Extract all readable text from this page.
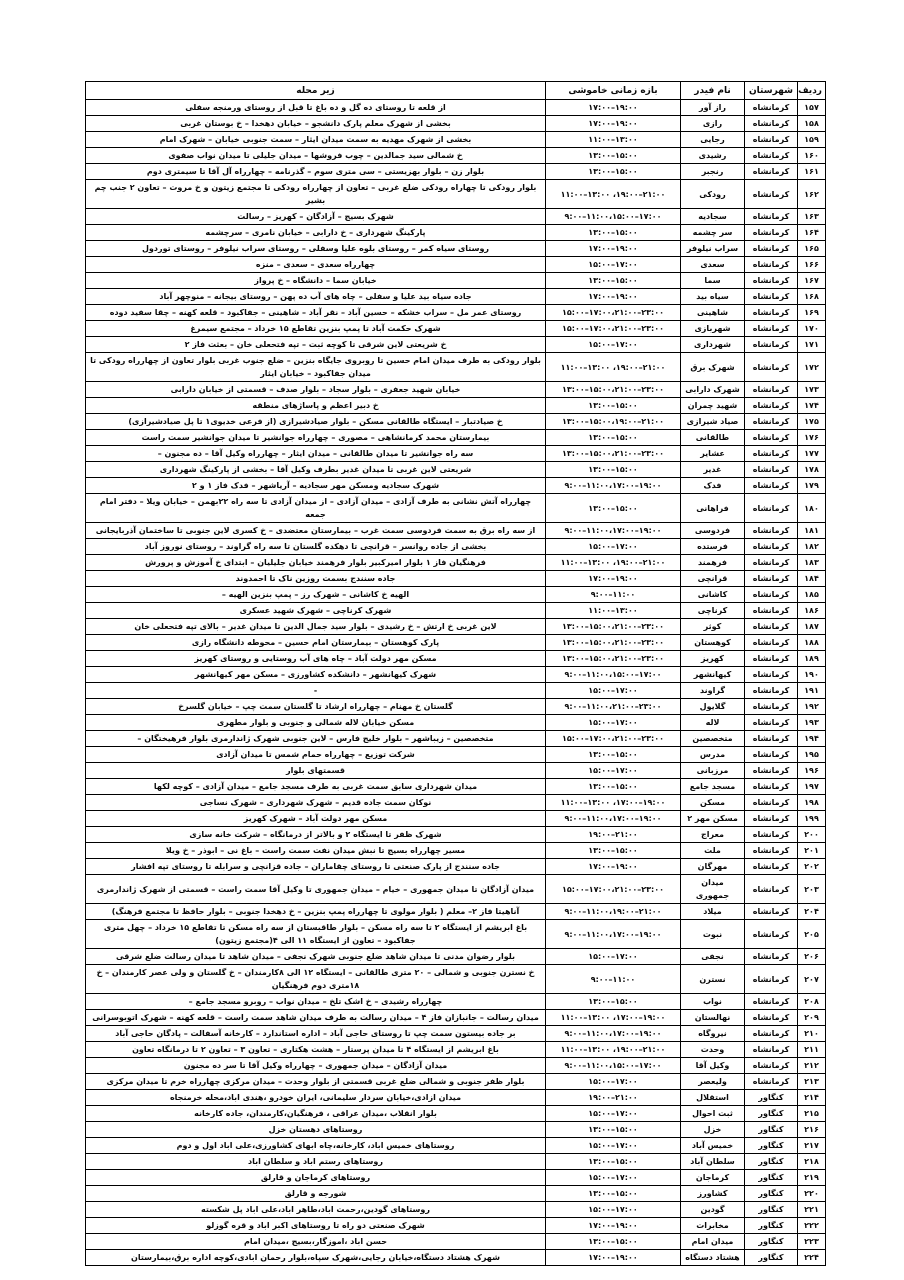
ردیف	شهرستان	نام فیدر	بازه زمانی خاموشی	زیر محله
۱۵۷	کرمانشاه	راز آور	۱۷:۰۰–۱۹:۰۰	از قلعه تا روستای ده گل و ده باغ تا قبل از روستای ورمنجه سفلی
۱۵۸	کرمانشاه	رازی	۱۷:۰۰–۱۹:۰۰	بخشی از شهرک معلم پارک دانشجو – خیابان دهخدا – خ بوستان غربی
۱۵۹	کرمانشاه	رجایی	۱۱:۰۰–۱۳:۰۰	بخشی از شهرک مهدیه به سمت میدان ایثار – سمت جنوبی خیابان – شهرک امام
۱۶۰	کرمانشاه	رشیدی	۱۳:۰۰–۱۵:۰۰	خ شمالی سید جمالدین – چوب فروشها – میدان جلیلی تا میدان نواب صفوی
۱۶۱	کرمانشاه	رنجبر	۱۳:۰۰–۱۵:۰۰	بلوار زن – بلوار بهزیستی – سی متری سوم – گذرنامه – چهارراه آل آقا تا سیمتری دوم
۱۶۲	کرمانشاه	رودکی	۱۱:۰۰–۱۳:۰۰ ،۱۹:۰۰–۲۱:۰۰	بلوار رودکی تا چهاراه رودکی ضلع غربی – تعاون از چهارراه رودکی تا مجتمع زیتون و خ مروت – تعاون ۲ جنب چم بشیر
۱۶۳	کرمانشاه	سجادیه	۹:۰۰–۱۱:۰۰،۱۵:۰۰–۱۷:۰۰	شهرک بسیج – آزادگان – کهریز – رسالت
۱۶۴	کرمانشاه	سر چشمه	۱۳:۰۰–۱۵:۰۰	پارکینگ شهرداری – خ دارابی – خیابان نامری – سرچشمه
۱۶۵	کرمانشاه	سراب نیلوفر	۱۷:۰۰–۱۹:۰۰	روستای سیاه کمر – روستای بلوه علیا وسفلی – روستای سراب نیلوفر – روستای توردول
۱۶۶	کرمانشاه	سعدی	۱۵:۰۰–۱۷:۰۰	چهارراه سعدی – سعدی – منزه
۱۶۷	کرمانشاه	سما	۱۳:۰۰–۱۵:۰۰	خیابان سما – دانشگاه – خ پرواز
۱۶۸	کرمانشاه	سیاه بید	۱۷:۰۰–۱۹:۰۰	جاده سیاه بید علیا و سفلی – چاه های آب ده پهن – روستای بیجانه – منوچهر آباد
۱۶۹	کرمانشاه	شاهینی	۱۵:۰۰–۱۷:۰۰،۲۱:۰۰–۲۳:۰۰	روستای عمر مل – سراب خشکه – حسین آباد – نقر آباد – شاهینی – جفاکبود – قلعه کهنه – چقا سفید دوده
۱۷۰	کرمانشاه	شهربازی	۱۵:۰۰–۱۷:۰۰،۲۱:۰۰–۲۳:۰۰	شهرک حکمت آباد تا پمپ بنزین تقاطع ۱۵ خرداد – مجتمع سیمرغ
۱۷۱	کرمانشاه	شهرداری	۱۵:۰۰–۱۷:۰۰	خ شریعتی لاین شرقی تا کوچه ثبت – تپه فتحعلی خان – بعثت فاز ۲
۱۷۲	کرمانشاه	شهرک برق	۱۱:۰۰–۱۳:۰۰ ،۱۹:۰۰–۲۱:۰۰	بلوار رودکی به طرف میدان امام حسین تا روبروی جایگاه بنزین – ضلع جنوب غربی بلوار تعاون از چهارراه رودکی تا میدان جفاکبود – خیابان ایثار
۱۷۳	کرمانشاه	شهرک دارابی	۱۳:۰۰–۱۵:۰۰،۲۱:۰۰–۲۳:۰۰	خیابان شهید جعفری – بلوار سجاد – بلوار صدف – قسمتی از خیابان دارابی
۱۷۴	کرمانشاه	شهید چمران	۱۳:۰۰–۱۵:۰۰	خ دبیر اعظم و پاساژهای منطقه
۱۷۵	کرمانشاه	صیاد شیرازی	۱۳:۰۰–۱۵:۰۰،۱۹:۰۰–۲۱:۰۰	خ صیادتبار – ایستگاه طالقانی مسکن – بلوار صیادشیرازی (از فرعی خدیوی۱ تا پل صیادشیرازی)
۱۷۶	کرمانشاه	طالقانی	۱۳:۰۰–۱۵:۰۰	بیمارستان محمد کرمانشاهی – مصوری – چهارراه جوانشیر تا میدان جوانشیر سمت راست
۱۷۷	کرمانشاه	عشایر	۱۳:۰۰–۱۵:۰۰،۲۱:۰۰–۲۳:۰۰	سه راه جوانشیر تا میدان طالقانی – میدان ایثار – چهارراه وکیل آقا – ده مجنون –
۱۷۸	کرمانشاه	غدیر	۱۳:۰۰–۱۵:۰۰	شریعتی لاین غربی تا میدان غدیر بطرف وکیل آقا – بخشی از پارکینگ شهرداری
۱۷۹	کرمانشاه	فدک	۹:۰۰–۱۱:۰۰،۱۷:۰۰–۱۹:۰۰	شهرک سجادیه ومسکن مهر سجادیه – آریاشهر – فدک فاز ۱ و ۲
۱۸۰	کرمانشاه	فراهانی	۱۳:۰۰–۱۵:۰۰	چهارراه آتش نشانی به طرف آزادی – میدان آزادی – از میدان آزادی تا سه راه ۲۲بهمن – خیابان ویلا – دفتر امام جمعه
۱۸۱	کرمانشاه	فردوسی	۹:۰۰–۱۱:۰۰،۱۷:۰۰–۱۹:۰۰	از سه راه برق به سمت فردوسی سمت غرب – بیمارستان معتضدی – خ کسری لاین جنوبی تا ساختمان آذربایجانی
۱۸۲	کرمانشاه	فرستده	۱۵:۰۰–۱۷:۰۰	بخشی از جاده روانسر – قرانچی تا دهکده گلستان تا سه راه گراوند – روستای نوروز آباد
۱۸۳	کرمانشاه	فرهمند	۱۱:۰۰–۱۳:۰۰ ،۱۹:۰۰–۲۱:۰۰	فرهنگیان فاز ۱ بلوار امیرکبیر بلوار فرهمند خیابان جلیلیان – ابتدای خ آموزش و پرورش
۱۸۴	کرمانشاه	قرانچی	۱۷:۰۰–۱۹:۰۰	جاده سنندج بسمت روزین ناک تا احمدوند
۱۸۵	کرمانشاه	کاشانی	۹:۰۰–۱۱:۰۰	الهیه خ کاشانی – شهرک رز – پمپ بنزین الهیه –
۱۸۶	کرمانشاه	کرناچی	۱۱:۰۰–۱۳:۰۰	شهرک کرناچی – شهرک شهید عسکری
۱۸۷	کرمانشاه	کوثر	۱۳:۰۰–۱۵:۰۰،۲۱:۰۰–۲۳:۰۰	لاین غربی خ ارتش – خ رشیدی – بلوار سید جمال الدین تا میدان غدیر – بالای تپه فتحعلی خان
۱۸۸	کرمانشاه	کوهستان	۱۳:۰۰–۱۵:۰۰،۲۱:۰۰–۲۳:۰۰	پارک کوهستان – بیمارستان امام حسین – محوطه دانشگاه رازی
۱۸۹	کرمانشاه	کهریز	۱۳:۰۰–۱۵:۰۰،۲۱:۰۰–۲۳:۰۰	مسکن مهر دولت آباد – چاه های آب روستایی و روستای کهریز
۱۹۰	کرمانشاه	کیهانشهر	۹:۰۰–۱۱:۰۰،۱۵:۰۰–۱۷:۰۰	شهرک کیهانشهر – دانشکده کشاورزی – مسکن مهر کیهانشهر
۱۹۱	کرمانشاه	گراوند	۱۵:۰۰–۱۷:۰۰	-
۱۹۲	کرمانشاه	گلایول	۹:۰۰–۱۱:۰۰،۲۱:۰۰–۲۳:۰۰	گلستان خ مهنام – چهارراه ارشاد تا گلستان سمت چپ – خیابان گلسرخ
۱۹۳	کرمانشاه	لاله	۱۵:۰۰–۱۷:۰۰	مسکن خیابان لاله شمالی و جنوبی و بلوار مطهری
۱۹۴	کرمانشاه	متخصصین	۱۵:۰۰–۱۷:۰۰،۲۱:۰۰–۲۳:۰۰	متخصصین – زیباشهر – بلوار خلیج فارس – لاین جنوبی شهرک ژاندارمری بلوار فرهیختگان –
۱۹۵	کرمانشاه	مدرس	۱۳:۰۰–۱۵:۰۰	شرکت توزیع – چهارراه حمام شمس تا میدان آزادی
۱۹۶	کرمانشاه	مرزبانی	۱۵:۰۰–۱۷:۰۰	قسمتهای بلوار
۱۹۷	کرمانشاه	مسجد جامع	۱۳:۰۰–۱۵:۰۰	میدان شهرداری سابق سمت غربی به طرف مسجد جامع – میدان آزادی – کوچه لکها
۱۹۸	کرمانشاه	مسکن	۱۱:۰۰–۱۳:۰۰ ،۱۷:۰۰–۱۹:۰۰	نوکان سمت جاده قدیم – شهرک شهرداری – شهرک نساجی
۱۹۹	کرمانشاه	مسکن مهر ۲	۹:۰۰–۱۱:۰۰،۱۷:۰۰–۱۹:۰۰	مسکن مهر دولت آباد – شهرک کهریز
۲۰۰	کرمانشاه	معراج	۱۹:۰۰–۲۱:۰۰	شهرک ظفر تا ایستگاه ۲ و بالاتر از درمانگاه – شرکت خانه سازی
۲۰۱	کرمانشاه	ملت	۱۳:۰۰–۱۵:۰۰	مسیر چهارراه بسیج تا نبش میدان نفت سمت راست – باغ نی – ابوذر – خ ویلا
۲۰۲	کرمانشاه	مهرگان	۱۷:۰۰–۱۹:۰۰	جاده سنندج از پارک صنعتی تا روستای چقاماران – جاده قزانچی و سرابله تا روستای تپه افشار
۲۰۳	کرمانشاه	میدان جمهوری	۱۵:۰۰–۱۷:۰۰،۲۱:۰۰–۲۳:۰۰	میدان آزادگان تا میدان جمهوری – خیام – میدان جمهوری تا وکیل آقا سمت راست – قسمتی از شهرک ژاندارمری
۲۰۴	کرمانشاه	میلاد	۹:۰۰–۱۱:۰۰،۱۹:۰۰–۲۱:۰۰	آناهیتا فاز ۲– معلم ( بلوار مولوی تا چهارراه پمپ بنزین – خ دهخدا جنوبی – بلوار حافظ تا مجتمع فرهنگ)
۲۰۵	کرمانشاه	نبوت	۹:۰۰–۱۱:۰۰،۱۷:۰۰–۱۹:۰۰	باغ ابریشم از ایستگاه ۲ تا سه راه مسکن – بلوار طاقبستان از سه راه مسکن تا تقاطع ۱۵ خرداد – چهل متری جفاکبود – تعاون از ایستگاه ۱۱ الی ۴(مجتمع زیتون)
۲۰۶	کرمانشاه	نجفی	۱۵:۰۰–۱۷:۰۰	بلوار رضوان مدنی تا میدان شاهد ضلع جنوبی شهرک نجفی – میدان شاهد تا میدان رسالت ضلع شرقی
۲۰۷	کرمانشاه	نسترن	۹:۰۰–۱۱:۰۰	خ نسترن جنوبی و شمالی – ۲۰ متری طالقانی – ایستگاه ۱۲ الی ۸کارمندان – خ گلستان و ولی عصر کارمندان – خ ۱۸متری دوم فرهنگیان
۲۰۸	کرمانشاه	نواب	۱۳:۰۰–۱۵:۰۰	چهارراه رشیدی – خ اشک تلخ – میدان نواب – روبرو مسجد جامع –
۲۰۹	کرمانشاه	نهالستان	۱۱:۰۰–۱۳:۰۰ ،۱۷:۰۰–۱۹:۰۰	میدان رسالت – جانبازان فاز ۴ – میدان رسالت به طرف میدان شاهد سمت راست – قلعه کهنه – شهرک اتوبوسرانی
۲۱۰	کرمانشاه	نیروگاه	۹:۰۰–۱۱:۰۰،۱۷:۰۰–۱۹:۰۰	بر جاده بیستون سمت چپ تا روستای حاجی آباد – اداره استاندارد – کارخانه آسفالت – پادگان حاجی آباد
۲۱۱	کرمانشاه	وحدت	۱۱:۰۰–۱۳:۰۰ ،۱۹:۰۰–۲۱:۰۰	باغ ابریشم از ایستگاه ۴ تا میدان پرستار – هشت هکتاری – تعاون ۳ – تعاون ۲ تا درمانگاه تعاون
۲۱۲	کرمانشاه	وکیل آقا	۹:۰۰–۱۱:۰۰،۱۵:۰۰–۱۷:۰۰	میدان آزادگان – میدان جمهوری – چهارراه وکیل آقا تا سر ده مجنون
۲۱۳	کرمانشاه	ولیعصر	۱۵:۰۰–۱۷:۰۰	بلوار ظفر جنوبی و شمالی ضلع غربی قسمتی از بلوار وحدت – میدان مرکزی چهارراه خرم تا میدان مرکزی
۲۱۴	کنگاور	استقلال	۱۹:۰۰–۲۱:۰۰	میدان ازادی،خیابان سردار سلیمانی، ایران خودرو ،هندی اباد،محله خرمنجاه
۲۱۵	کنگاور	ثبت احوال	۱۵:۰۰–۱۷:۰۰	بلوار انقلاب ،میدان عراقی ، فرهنگیان،کارمندان، جاده کارخانه
۲۱۶	کنگاور	خزل	۱۳:۰۰–۱۵:۰۰	روستاهای دهستان خزل
۲۱۷	کنگاور	خمیس آباد	۱۵:۰۰–۱۷:۰۰	روستاهای خمیس اباد، کارخانه،چاه ابهای کشاورزی،علی اباد اول و دوم
۲۱۸	کنگاور	سلطان آباد	۱۳:۰۰–۱۵:۰۰	روستاهای رستم اباد و سلطان اباد
۲۱۹	کنگاور	کرماجان	۱۵:۰۰–۱۷:۰۰	روستاهای کرماجان و قارلق
۲۲۰	کنگاور	کشاورز	۱۳:۰۰–۱۵:۰۰	شورجه و قارلق
۲۲۱	کنگاور	گودین	۱۵:۰۰–۱۷:۰۰	روستاهای گودین،رحمت اباد،طاهر اباد،علی اباد پل شکسته
۲۲۲	کنگاور	مخابرات	۱۷:۰۰–۱۹:۰۰	شهرک صنعتی دو راه تا روستاهای اکبر اباد و قره گوزلو
۲۲۳	کنگاور	میدان امام	۱۳:۰۰–۱۵:۰۰	حسن اباد ،اموزگار،بسیج ،میدان امام
۲۲۴	کنگاور	هشتاد دستگاه	۱۷:۰۰–۱۹:۰۰	شهرک هشتاد دستگاه،خیابان رجایی،شهرک سپاه،بلوار رحمان ابادی،کوچه اداره برق،بیمارستان
